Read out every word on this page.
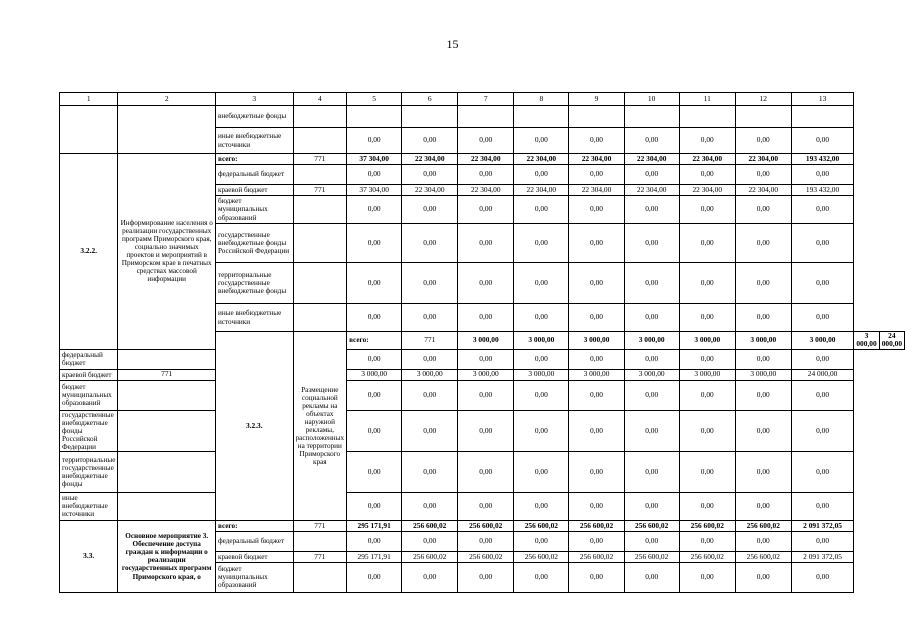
15
1	2	3	4	5	6	7	8	9	10	11	12	13		
		внебюджетные фонды												
		иные внебюджетные источники		0,00	0,00	0,00	0,00	0,00	0,00	0,00	0,00	0,00		
3.2.2.	Информирование населения о реализации государственных программ Приморского края, социально значимых проектов и мероприятий в Приморском крае в печатных средствах массовой информации	всего:	771	37 304,00	22 304,00	22 304,00	22 304,00	22 304,00	22 304,00	22 304,00	22 304,00	193 432,00		
		федеральный бюджет		0,00	0,00	0,00	0,00	0,00	0,00	0,00	0,00	0,00		
		краевой бюджет	771	37 304,00	22 304,00	22 304,00	22 304,00	22 304,00	22 304,00	22 304,00	22 304,00	193 432,00		
		бюджет муниципальных образований		0,00	0,00	0,00	0,00	0,00	0,00	0,00	0,00	0,00		
		государственные внебюджетные фонды Российской Федерации		0,00	0,00	0,00	0,00	0,00	0,00	0,00	0,00	0,00		
		территориальные государственные внебюджетные фонды		0,00	0,00	0,00	0,00	0,00	0,00	0,00	0,00	0,00		
		иные внебюджетные источники		0,00	0,00	0,00	0,00	0,00	0,00	0,00	0,00	0,00		
		3.2.3.	Размещение социальной рекламы на объектах наружной рекламы, расположенных на территории Приморского края	всего:	771	3 000,00	3 000,00	3 000,00	3 000,00	3 000,00	3 000,00	3 000,00	3 000,00	24 000,00
федеральный бюджет				0,00	0,00	0,00	0,00	0,00	0,00	0,00	0,00	0,00		
краевой бюджет	771			3 000,00	3 000,00	3 000,00	3 000,00	3 000,00	3 000,00	3 000,00	3 000,00	24 000,00		
бюджет муниципальных образований				0,00	0,00	0,00	0,00	0,00	0,00	0,00	0,00	0,00		
государственные внебюджетные фонды Российской Федерации				0,00	0,00	0,00	0,00	0,00	0,00	0,00	0,00	0,00		
территориальные государственные внебюджетные фонды				0,00	0,00	0,00	0,00	0,00	0,00	0,00	0,00	0,00		
иные внебюджетные источники				0,00	0,00	0,00	0,00	0,00	0,00	0,00	0,00	0,00		
3.3.	Основное мероприятие 3. Обеспечение доступа граждан к информации о реализации государственных программ Приморского края, о	всего:	771	295 171,91	256 600,02	256 600,02	256 600,02	256 600,02	256 600,02	256 600,02	256 600,02	2 091 372,05		
		федеральный бюджет		0,00	0,00	0,00	0,00	0,00	0,00	0,00	0,00	0,00		
		краевой бюджет	771	295 171,91	256 600,02	256 600,02	256 600,02	256 600,02	256 600,02	256 600,02	256 600,02	2 091 372,05		
		бюджет муниципальных образований		0,00	0,00	0,00	0,00	0,00	0,00	0,00	0,00	0,00		
